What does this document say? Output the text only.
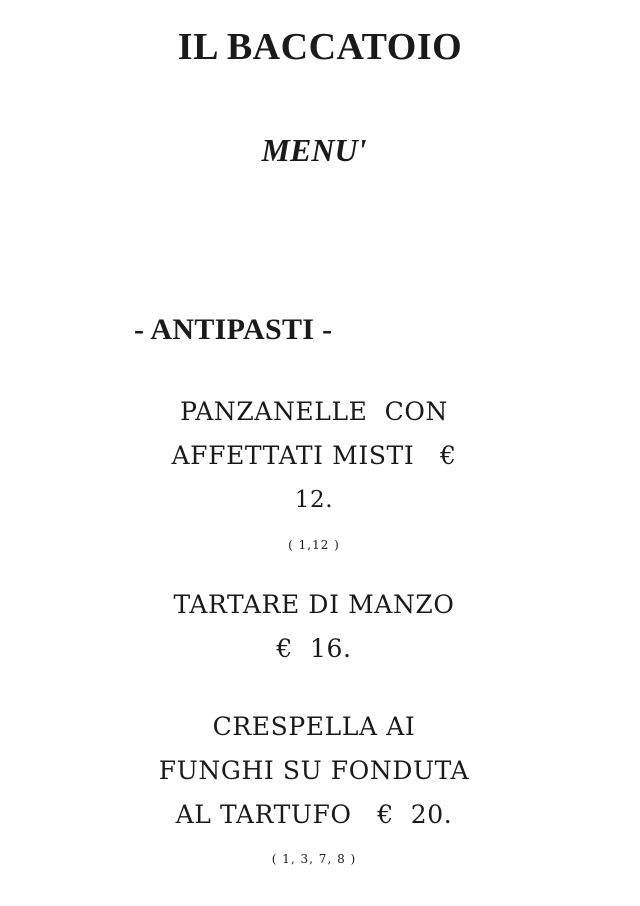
IL BACCATOIO
MENU'
- ANTIPASTI -
PANZANELLE  CON
AFFETTATI MISTI   €
12.
( 1,12 )
TARTARE DI MANZO
€  16.
CRESPELLA AI
FUNGHI SU FONDUTA
AL TARTUFO   €  20.
( 1, 3, 7, 8 )
